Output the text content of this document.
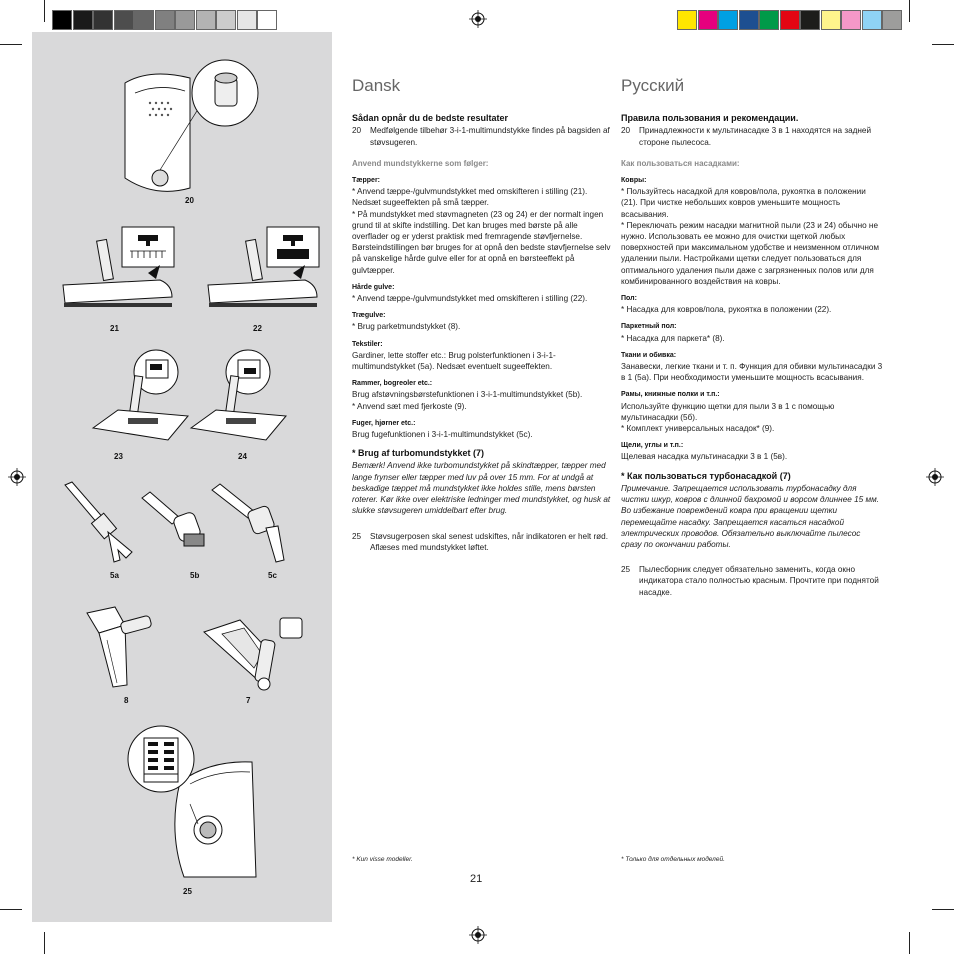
20
21	22
23	24
5a	5b	5c
8	7
25
Dansk
Sådan opnår du de bedste resultater
20	Medfølgende tilbehør 3-i-1-multimundstykke findes på bagsiden af støvsugeren.
Anvend mundstykkerne som følger:
Tæpper:

* Anvend tæppe-/gulvmundstykket med omskifteren i stilling (21). Nedsæt sugeeffekten på små tæpper.

* På mundstykket med støvmagneten (23 og 24) er der normalt ingen grund til at skifte indstilling. Det kan bruges med børste på alle overflader og er yderst praktisk med fremragende støvfjernelse. Børsteindstillingen bør bruges for at opnå den bedste støvfjernelse selv på vanskelige hårde gulve eller for at opnå en børsteeffekt på gulvtæpper.

Hårde gulve:

* Anvend tæppe-/gulvmundstykket med omskifteren i stilling (22).

Trægulve:

* Brug parketmundstykket (8).

Tekstiler:

Gardiner, lette stoffer etc.: Brug polsterfunktionen i 3-i-1-multimundstykket (5a). Nedsæt eventuelt sugeeffekten.

Rammer, bogreoler etc.:

Brug afstøvningsbørstefunktionen i 3-i-1-multimundstykket (5b).

* Anvend sæt med fjerkoste (9).

Fuger, hjørner etc.:

Brug fugefunktionen i 3-i-1-multimundstykket (5c).

* Brug af turbomundstykket (7)

Bemærk! Anvend ikke turbomundstykket på skindtæpper, tæpper med lange frynser eller tæpper med luv på over 15 mm. For at undgå at beskadige tæppet må mundstykket ikke holdes stille, mens børsten roterer. Kør ikke over elektriske ledninger med mundstykket, og husk at slukke støvsugeren umiddelbart efter brug.

25	Støvsugerposen skal senest udskiftes, når indikatoren er helt rød. Aflæses med mundstykket løftet.
* Kun visse modeller.
Русский
Правила пользования и рекомендации.
20	Принадлежности к мультинасадке 3 в 1 находятся на задней стороне пылесоса.
Как пользоваться насадками:
Ковры:

* Пользуйтесь насадкой для ковров/пола, рукоятка в положении (21). При чистке небольших ковров уменьшите мощность всасывания.

* Переключать режим насадки магнитной пыли (23 и 24) обычно не нужно. Использовать ее можно для очистки щеткой любых поверхностей при максимальном удобстве и неизменном отличном удалении пыли. Настройками щетки следует пользоваться для оптимального удаления пыли даже с загрязненных полов или для комбинированного воздействия на ковры.

Пол:

* Насадка для ковров/пола, рукоятка в положении (22).

Паркетный пол:

* Насадка для паркета* (8).

Ткани и обивка:

Занавески, легкие ткани и т. п. Функция для обивки мультинасадки 3 в 1 (5a). При необходимости уменьшите мощность всасывания.

Рамы, книжные полки и т.п.:

Используйте функцию щетки для пыли 3 в 1 с помощью мультинасадки (5б).

* Комплект универсальных насадок* (9).

Щели, углы и т.п.:

Щелевая насадка мультинасадки 3 в 1 (5в).

* Как пользоваться турбонасадкой (7)

Примечание. Запрещается использовать турбонасадку для чистки шкур, ковров с длинной бахромой и ворсом длиннее 15 мм. Во избежание повреждений ковра при вращении щетки перемещайте насадку. Запрещается касаться насадкой электрических проводов. Обязательно выключайте пылесос сразу по окончании работы.

25	Пылесборник следует обязательно заменить, когда окно индикатора стало полностью красным. Прочтите при поднятой насадке.
* Только для отдельных моделей.
21
